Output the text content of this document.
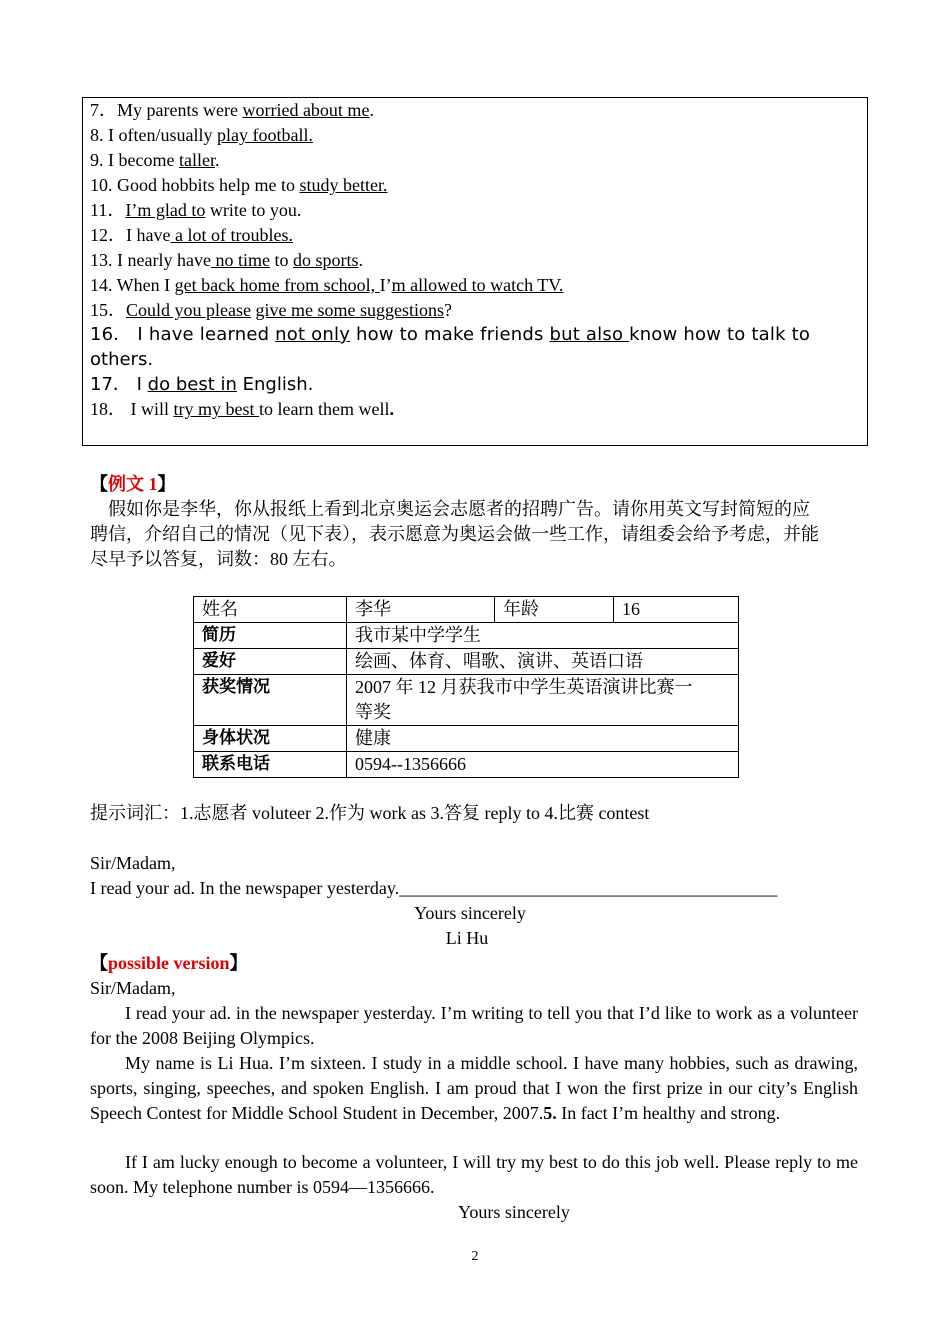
7．My parents were worried about me.
8. I often/usually play football.
9. I become taller.
10. Good hobbits help me to study better.
11．I’m glad to write to you.
12．I have a lot of troubles.
13. I nearly have no time to do sports.
14. When I get back home from school, I’m allowed to watch TV.
15．Could you please give me some suggestions?
16． I have learned not only how to make friends but also know how to talk to
others.
17． I do best in English.
18． I will try my best to learn them well.
【例文 1】
假如你是李华，你从报纸上看到北京奥运会志愿者的招聘广告。请你用英文写封简短的应
聘信，介绍自己的情况（见下表），表示愿意为奥运会做一些工作，请组委会给予考虑，并能
尽早予以答复，词数：80 左右。
姓名	李华	年龄	16
简历	我市某中学学生		
爱好	绘画、体育、唱歌、演讲、英语口语		
获奖情况	2007 年 12 月获我市中学生英语演讲比赛一
等奖		

身体状况	健康		
联系电话	0594--1356666		
提示词汇：1.志愿者 voluteer 2.作为 work as 3.答复 reply to 4.比赛 contest
Sir/Madam,
I read your ad. In the newspaper yesterday.__________________________________________
Yours sincerely
Li Hu
【possible version】
Sir/Madam,
I read your ad. in the newspaper yesterday. I’m writing to tell you that I’d like to work as a volunteer for the 2008 Beijing Olympics.
My name is Li Hua. I’m sixteen. I study in a middle school. I have many hobbies, such as drawing, sports, singing, speeches, and spoken English. I am proud that I won the first prize in our city’s English Speech Contest for Middle School Student in December, 2007.5. In fact I’m healthy and strong.
If I am lucky enough to become a volunteer, I will try my best to do this job well. Please reply to me soon. My telephone number is 0594—1356666.
Yours sincerely
2
